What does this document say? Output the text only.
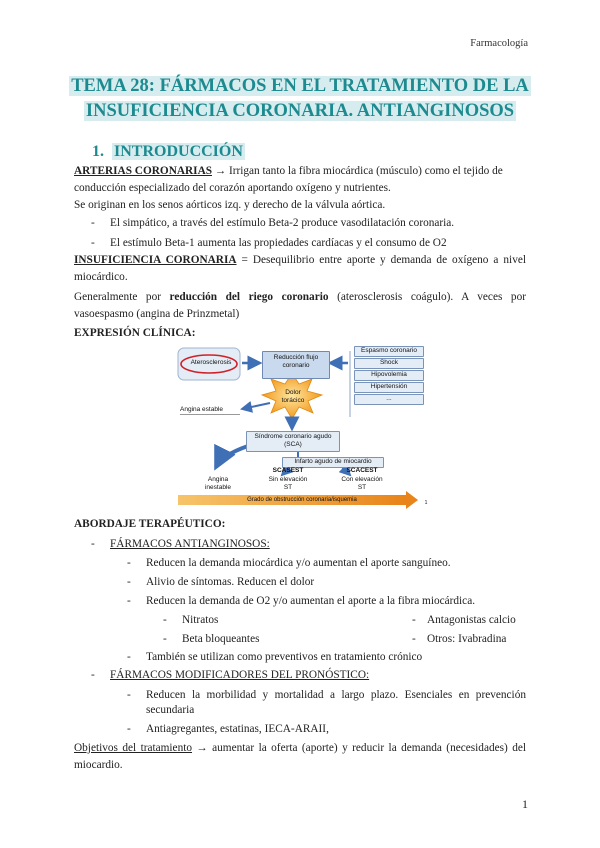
Farmacología
TEMA 28: FÁRMACOS EN EL TRATAMIENTO DE LA
INSUFICIENCIA CORONARIA. ANTIANGINOSOS
1. INTRODUCCIÓN
ARTERIAS CORONARIAS → Irrigan tanto la fibra miocárdica (músculo) como el tejido de
conducción especializado del corazón aportando oxígeno y nutrientes.
Se originan en los senos aórticos izq. y derecho de la válvula aórtica.
- El simpático, a través del estímulo Beta-2 produce vasodilatación coronaria.
- El estímulo Beta-1 aumenta las propiedades cardíacas y el consumo de O2
INSUFICIENCIA CORONARIA = Desequilibrio entre aporte y demanda de oxígeno a nivel
miocárdico.
Generalmente por reducción del riego coronario (aterosclerosis coágulo). A veces por
vasoespasmo (angina de Prinzmetal)
EXPRESIÓN CLÍNICA:
Aterosclerosis
Reducción flujo coronario
Espasmo coronario
Shock
Hipovolemia
Hipertensión
...
Dolor torácico
Angina estable
Síndrome coronario agudo (SCA)
Infarto agudo de miocardio
SCASEST	SCACEST
Angina inestable
Sin elevación ST
Con elevación ST
Grado de obstrucción coronaria/isquemia	1
ABORDAJE TERAPÉUTICO:
- FÁRMACOS ANTIANGINOSOS:
- Reducen la demanda miocárdica y/o aumentan el aporte sanguíneo.
- Alivio de síntomas. Reducen el dolor
- Reducen la demanda de O2 y/o aumentan el aporte a la fibra miocárdica.
- Nitratos	- Antagonistas calcio
- Beta bloqueantes	- Otros: Ivabradina
- También se utilizan como preventivos en tratamiento crónico
- FÁRMACOS MODIFICADORES DEL PRONÓSTICO:
- Reducen la morbilidad y mortalidad a largo plazo. Esenciales en prevención
secundaria
- Antiagregantes, estatinas, IECA-ARAII,
Objetivos del tratamiento → aumentar la oferta (aporte) y reducir la demanda (necesidades) del
miocardio.
1
